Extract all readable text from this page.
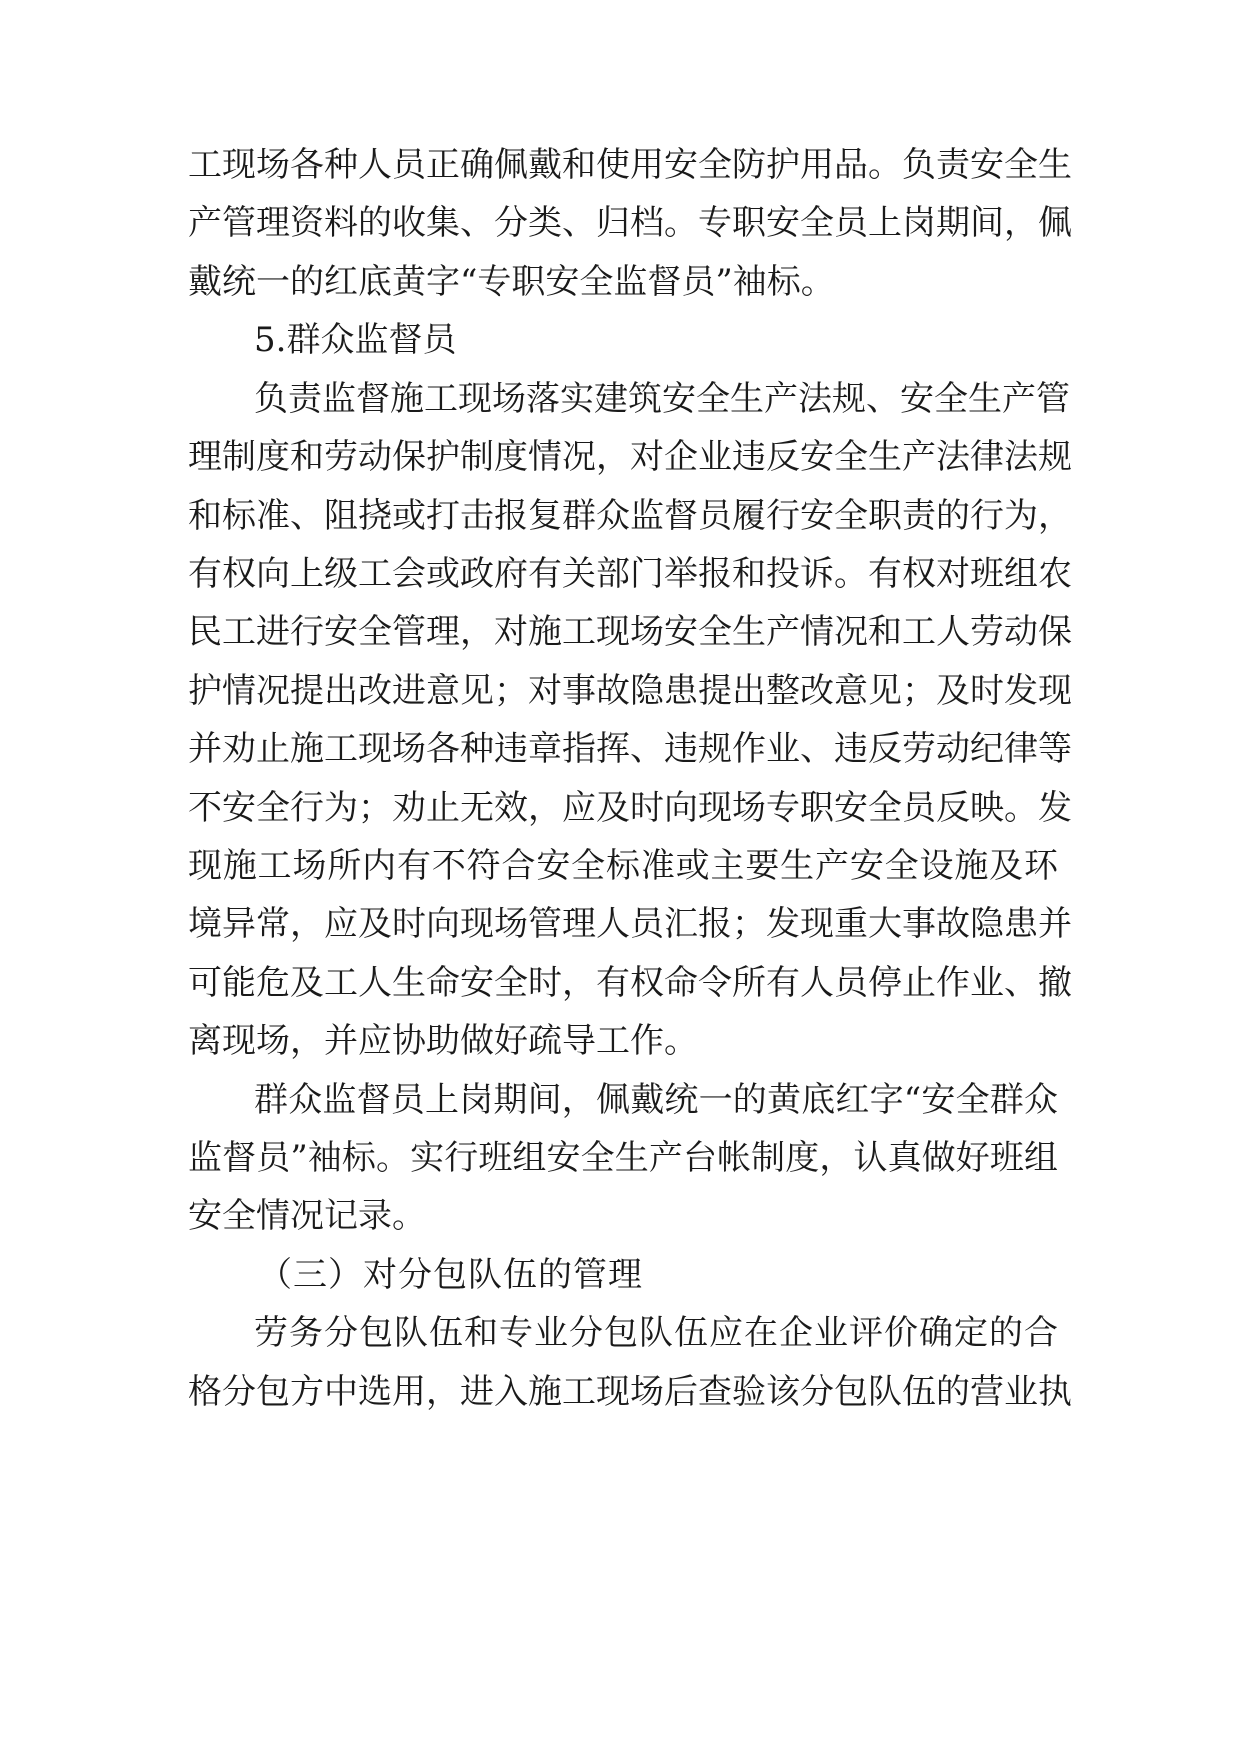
工现场各种人员正确佩戴和使用安全防护用品。负责安全生
产管理资料的收集、分类、归档。专职安全员上岗期间，佩
戴统一的红底黄字“专职安全监督员”袖标。
5.群众监督员
负责监督施工现场落实建筑安全生产法规、安全生产管
理制度和劳动保护制度情况，对企业违反安全生产法律法规
和标准、阻挠或打击报复群众监督员履行安全职责的行为，
有权向上级工会或政府有关部门举报和投诉。有权对班组农
民工进行安全管理，对施工现场安全生产情况和工人劳动保
护情况提出改进意见；对事故隐患提出整改意见；及时发现
并劝止施工现场各种违章指挥、违规作业、违反劳动纪律等
不安全行为；劝止无效，应及时向现场专职安全员反映。发
现施工场所内有不符合安全标准或主要生产安全设施及环
境异常，应及时向现场管理人员汇报；发现重大事故隐患并
可能危及工人生命安全时，有权命令所有人员停止作业、撤
离现场，并应协助做好疏导工作。
群众监督员上岗期间，佩戴统一的黄底红字“安全群众
监督员”袖标。实行班组安全生产台帐制度，认真做好班组
安全情况记录。
（三）对分包队伍的管理
劳务分包队伍和专业分包队伍应在企业评价确定的合
格分包方中选用，进入施工现场后查验该分包队伍的营业执
